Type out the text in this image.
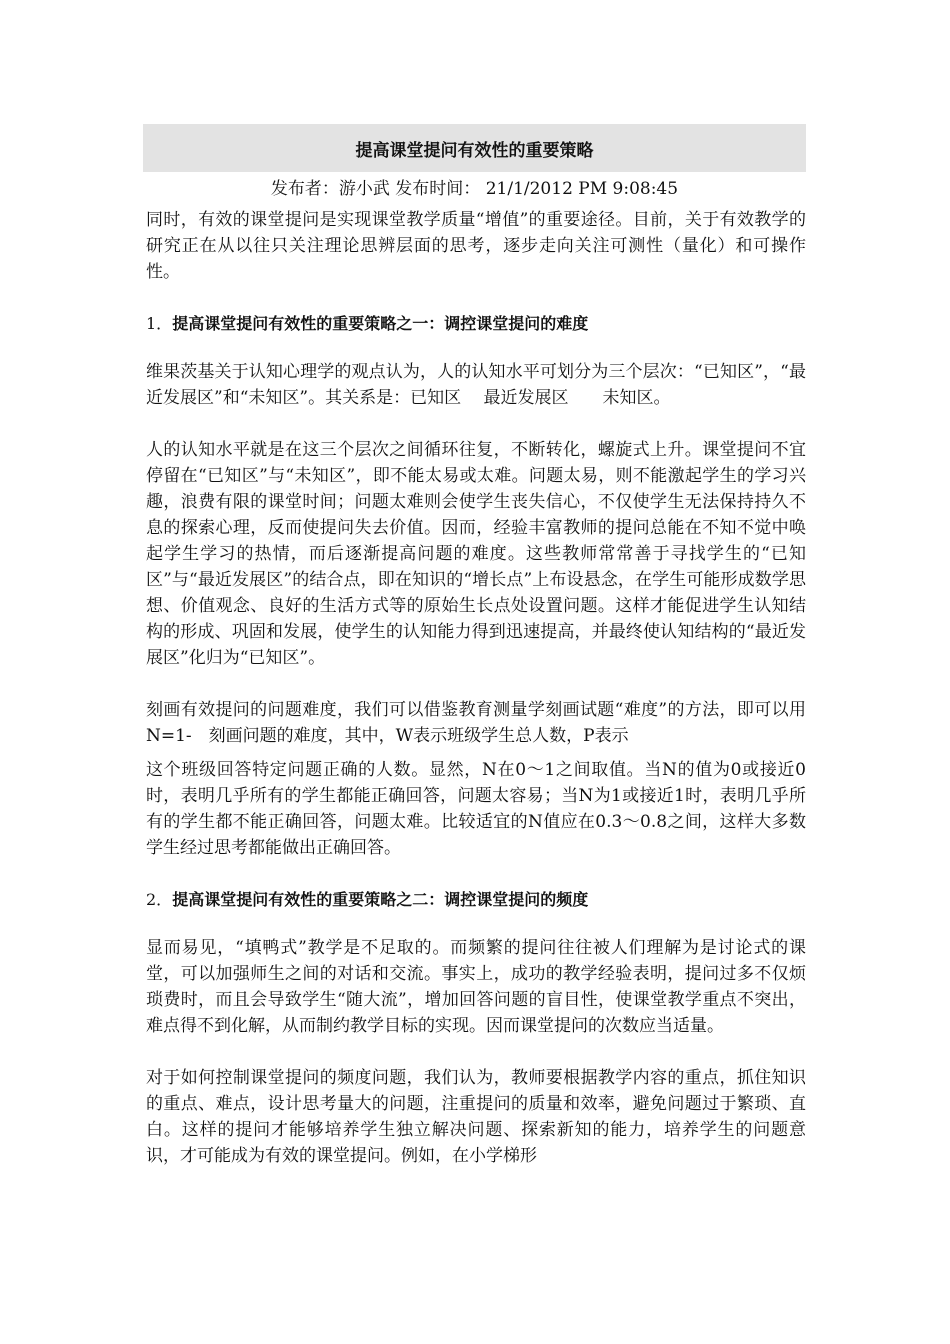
提高课堂提问有效性的重要策略
发布者：游小武 发布时间： 21/1/2012 PM 9:08:45

同时，有效的课堂提问是实现课堂教学质量“增值”的重要途径。目前，关于有效教学的研究正在从以往只关注理论思辨层面的思考，逐步走向关注可测性（量化）和可操作性。

1．提高课堂提问有效性的重要策略之一：调控课堂提问的难度

维果茨基关于认知心理学的观点认为，人的认知水平可划分为三个层次：“已知区”，“最近发展区”和“未知区”。其关系是：已知区　 最近发展区　　未知区。

人的认知水平就是在这三个层次之间循环往复，不断转化，螺旋式上升。课堂提问不宜停留在“已知区”与“未知区”，即不能太易或太难。问题太易，则不能激起学生的学习兴趣，浪费有限的课堂时间；问题太难则会使学生丧失信心，不仅使学生无法保持持久不息的探索心理，反而使提问失去价值。因而，经验丰富教师的提问总能在不知不觉中唤起学生学习的热情，而后逐渐提高问题的难度。这些教师常常善于寻找学生的“已知区”与“最近发展区”的结合点，即在知识的“增长点”上布设悬念，在学生可能形成数学思想、价值观念、良好的生活方式等的原始生长点处设置问题。这样才能促进学生认知结构的形成、巩固和发展，使学生的认知能力得到迅速提高，并最终使认知结构的“最近发展区”化归为“已知区”。

刻画有效提问的问题难度，我们可以借鉴教育测量学刻画试题“难度”的方法，即可以用N=1-　刻画问题的难度，其中，W表示班级学生总人数，P表示

这个班级回答特定问题正确的人数。显然，N在0～1之间取值。当N的值为0或接近0时，表明几乎所有的学生都能正确回答，问题太容易；当N为1或接近1时，表明几乎所有的学生都不能正确回答，问题太难。比较适宜的N值应在0.3～0.8之间，这样大多数学生经过思考都能做出正确回答。

2．提高课堂提问有效性的重要策略之二：调控课堂提问的频度

显而易见，“填鸭式”教学是不足取的。而频繁的提问往往被人们理解为是讨论式的课堂，可以加强师生之间的对话和交流。事实上，成功的教学经验表明，提问过多不仅烦琐费时，而且会导致学生“随大流”，增加回答问题的盲目性，使课堂教学重点不突出，难点得不到化解，从而制约教学目标的实现。因而课堂提问的次数应当适量。

对于如何控制课堂提问的频度问题，我们认为，教师要根据教学内容的重点，抓住知识的重点、难点，设计思考量大的问题，注重提问的质量和效率，避免问题过于繁琐、直白。这样的提问才能够培养学生独立解决问题、探索新知的能力，培养学生的问题意识，才可能成为有效的课堂提问。例如，在小学梯形
